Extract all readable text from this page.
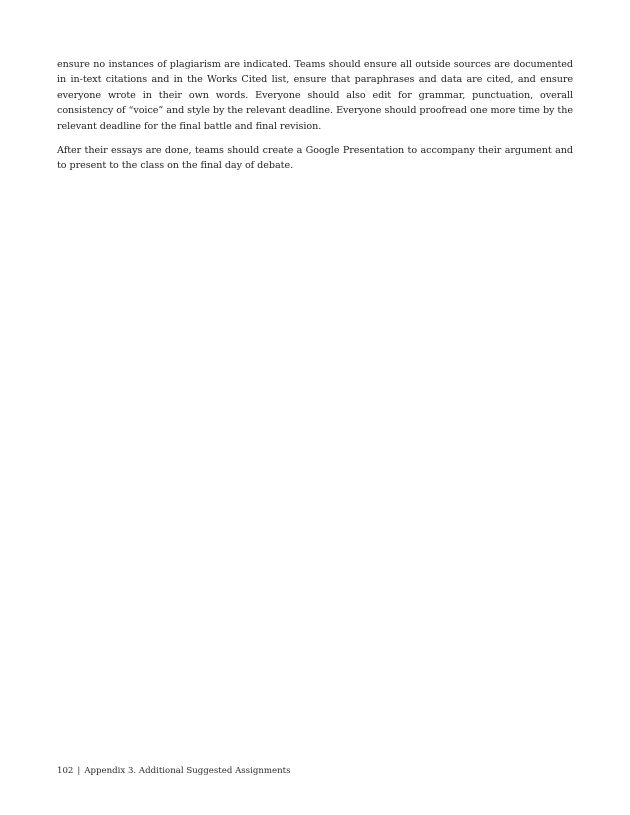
ensure no instances of plagiarism are indicated. Teams should ensure all outside sources are documented in in-text citations and in the Works Cited list, ensure that paraphrases and data are cited, and ensure everyone wrote in their own words. Everyone should also edit for grammar, punctuation, overall consistency of “voice” and style by the relevant deadline. Everyone should proofread one more time by the relevant deadline for the final battle and final revision.

After their essays are done, teams should create a Google Presentation to accompany their argument and to present to the class on the final day of debate.

102 | Appendix 3. Additional Suggested Assignments
